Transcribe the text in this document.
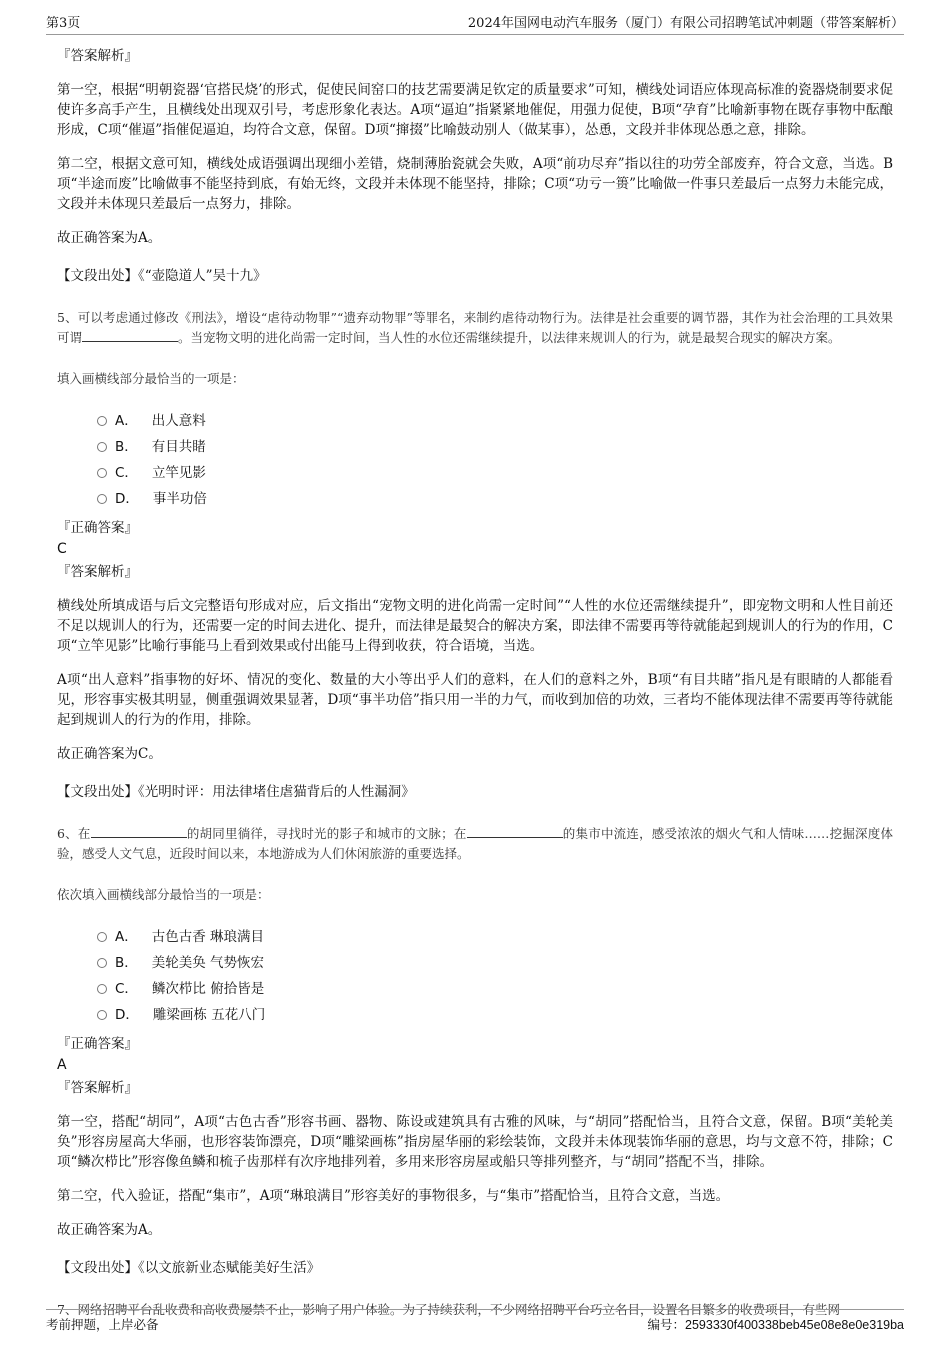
第3页	2024年国网电动汽车服务（厦门）有限公司招聘笔试冲刺题（带答案解析）
『答案解析』

第一空，根据“明朝瓷器‘官搭民烧’的形式，促使民间窑口的技艺需要满足钦定的质量要求”可知，横线处词语应体现高标准的瓷器烧制要求促使许多高手产生，且横线处出现双引号，考虑形象化表达。A项“逼迫”指紧紧地催促，用强力促使，B项“孕育”比喻新事物在既存事物中酝酿形成，C项“催逼”指催促逼迫，均符合文意，保留。D项“撺掇”比喻鼓动别人（做某事），怂恿，文段并非体现怂恿之意，排除。

第二空，根据文意可知，横线处成语强调出现细小差错，烧制薄胎瓷就会失败，A项“前功尽弃”指以往的功劳全部废弃，符合文意，当选。B项“半途而废”比喻做事不能坚持到底，有始无终，文段并未体现不能坚持，排除；C项“功亏一篑”比喻做一件事只差最后一点努力未能完成，文段并未体现只差最后一点努力，排除。

故正确答案为A。

【文段出处】《“壶隐道人”吴十九》

5、可以考虑通过修改《刑法》，增设“虐待动物罪”“遗弃动物罪”等罪名，来制约虐待动物行为。法律是社会重要的调节器，其作为社会治理的工具效果可谓	。当宠物文明的进化尚需一定时间，当人性的水位还需继续提升，以法律来规训人的行为，就是最契合现实的解决方案。

填入画横线部分最恰当的一项是：
A． 出人意料
B． 有目共睹
C． 立竿见影
D． 事半功倍
『正确答案』
C
『答案解析』

横线处所填成语与后文完整语句形成对应，后文指出“宠物文明的进化尚需一定时间”“人性的水位还需继续提升”，即宠物文明和人性目前还不足以规训人的行为，还需要一定的时间去进化、提升，而法律是最契合的解决方案，即法律不需要再等待就能起到规训人的行为的作用，C项“立竿见影”比喻行事能马上看到效果或付出能马上得到收获，符合语境，当选。

A项“出人意料”指事物的好坏、情况的变化、数量的大小等出乎人们的意料，在人们的意料之外，B项“有目共睹”指凡是有眼睛的人都能看见，形容事实极其明显，侧重强调效果显著，D项“事半功倍”指只用一半的力气，而收到加倍的功效，三者均不能体现法律不需要再等待就能起到规训人的行为的作用，排除。

故正确答案为C。

【文段出处】《光明时评：用法律堵住虐猫背后的人性漏洞》

6、在	的胡同里徜徉，寻找时光的影子和城市的文脉；在	的集市中流连，感受浓浓的烟火气和人情味……挖掘深度体验，感受人文气息，近段时间以来，本地游成为人们休闲旅游的重要选择。

依次填入画横线部分最恰当的一项是：
A． 古色古香 琳琅满目
B． 美轮美奂 气势恢宏
C． 鳞次栉比 俯拾皆是
D． 雕梁画栋 五花八门
『正确答案』
A
『答案解析』

第一空，搭配“胡同”，A项“古色古香”形容书画、器物、陈设或建筑具有古雅的风味，与“胡同”搭配恰当，且符合文意，保留。B项“美轮美奂”形容房屋高大华丽，也形容装饰漂亮，D项“雕梁画栋”指房屋华丽的彩绘装饰，文段并未体现装饰华丽的意思，均与文意不符，排除；C项“鳞次栉比”形容像鱼鳞和梳子齿那样有次序地排列着，多用来形容房屋或船只等排列整齐，与“胡同”搭配不当，排除。

第二空，代入验证，搭配“集市”，A项“琳琅满目”形容美好的事物很多，与“集市”搭配恰当，且符合文意，当选。

故正确答案为A。

【文段出处】《以文旅新业态赋能美好生活》

7、网络招聘平台乱收费和高收费屡禁不止，影响了用户体验。为了持续获利，不少网络招聘平台巧立名目，设置名目繁多的收费项目，有些网

考前押题，上岸必备	编号：2593330f400338beb45e08e8e0e319ba
